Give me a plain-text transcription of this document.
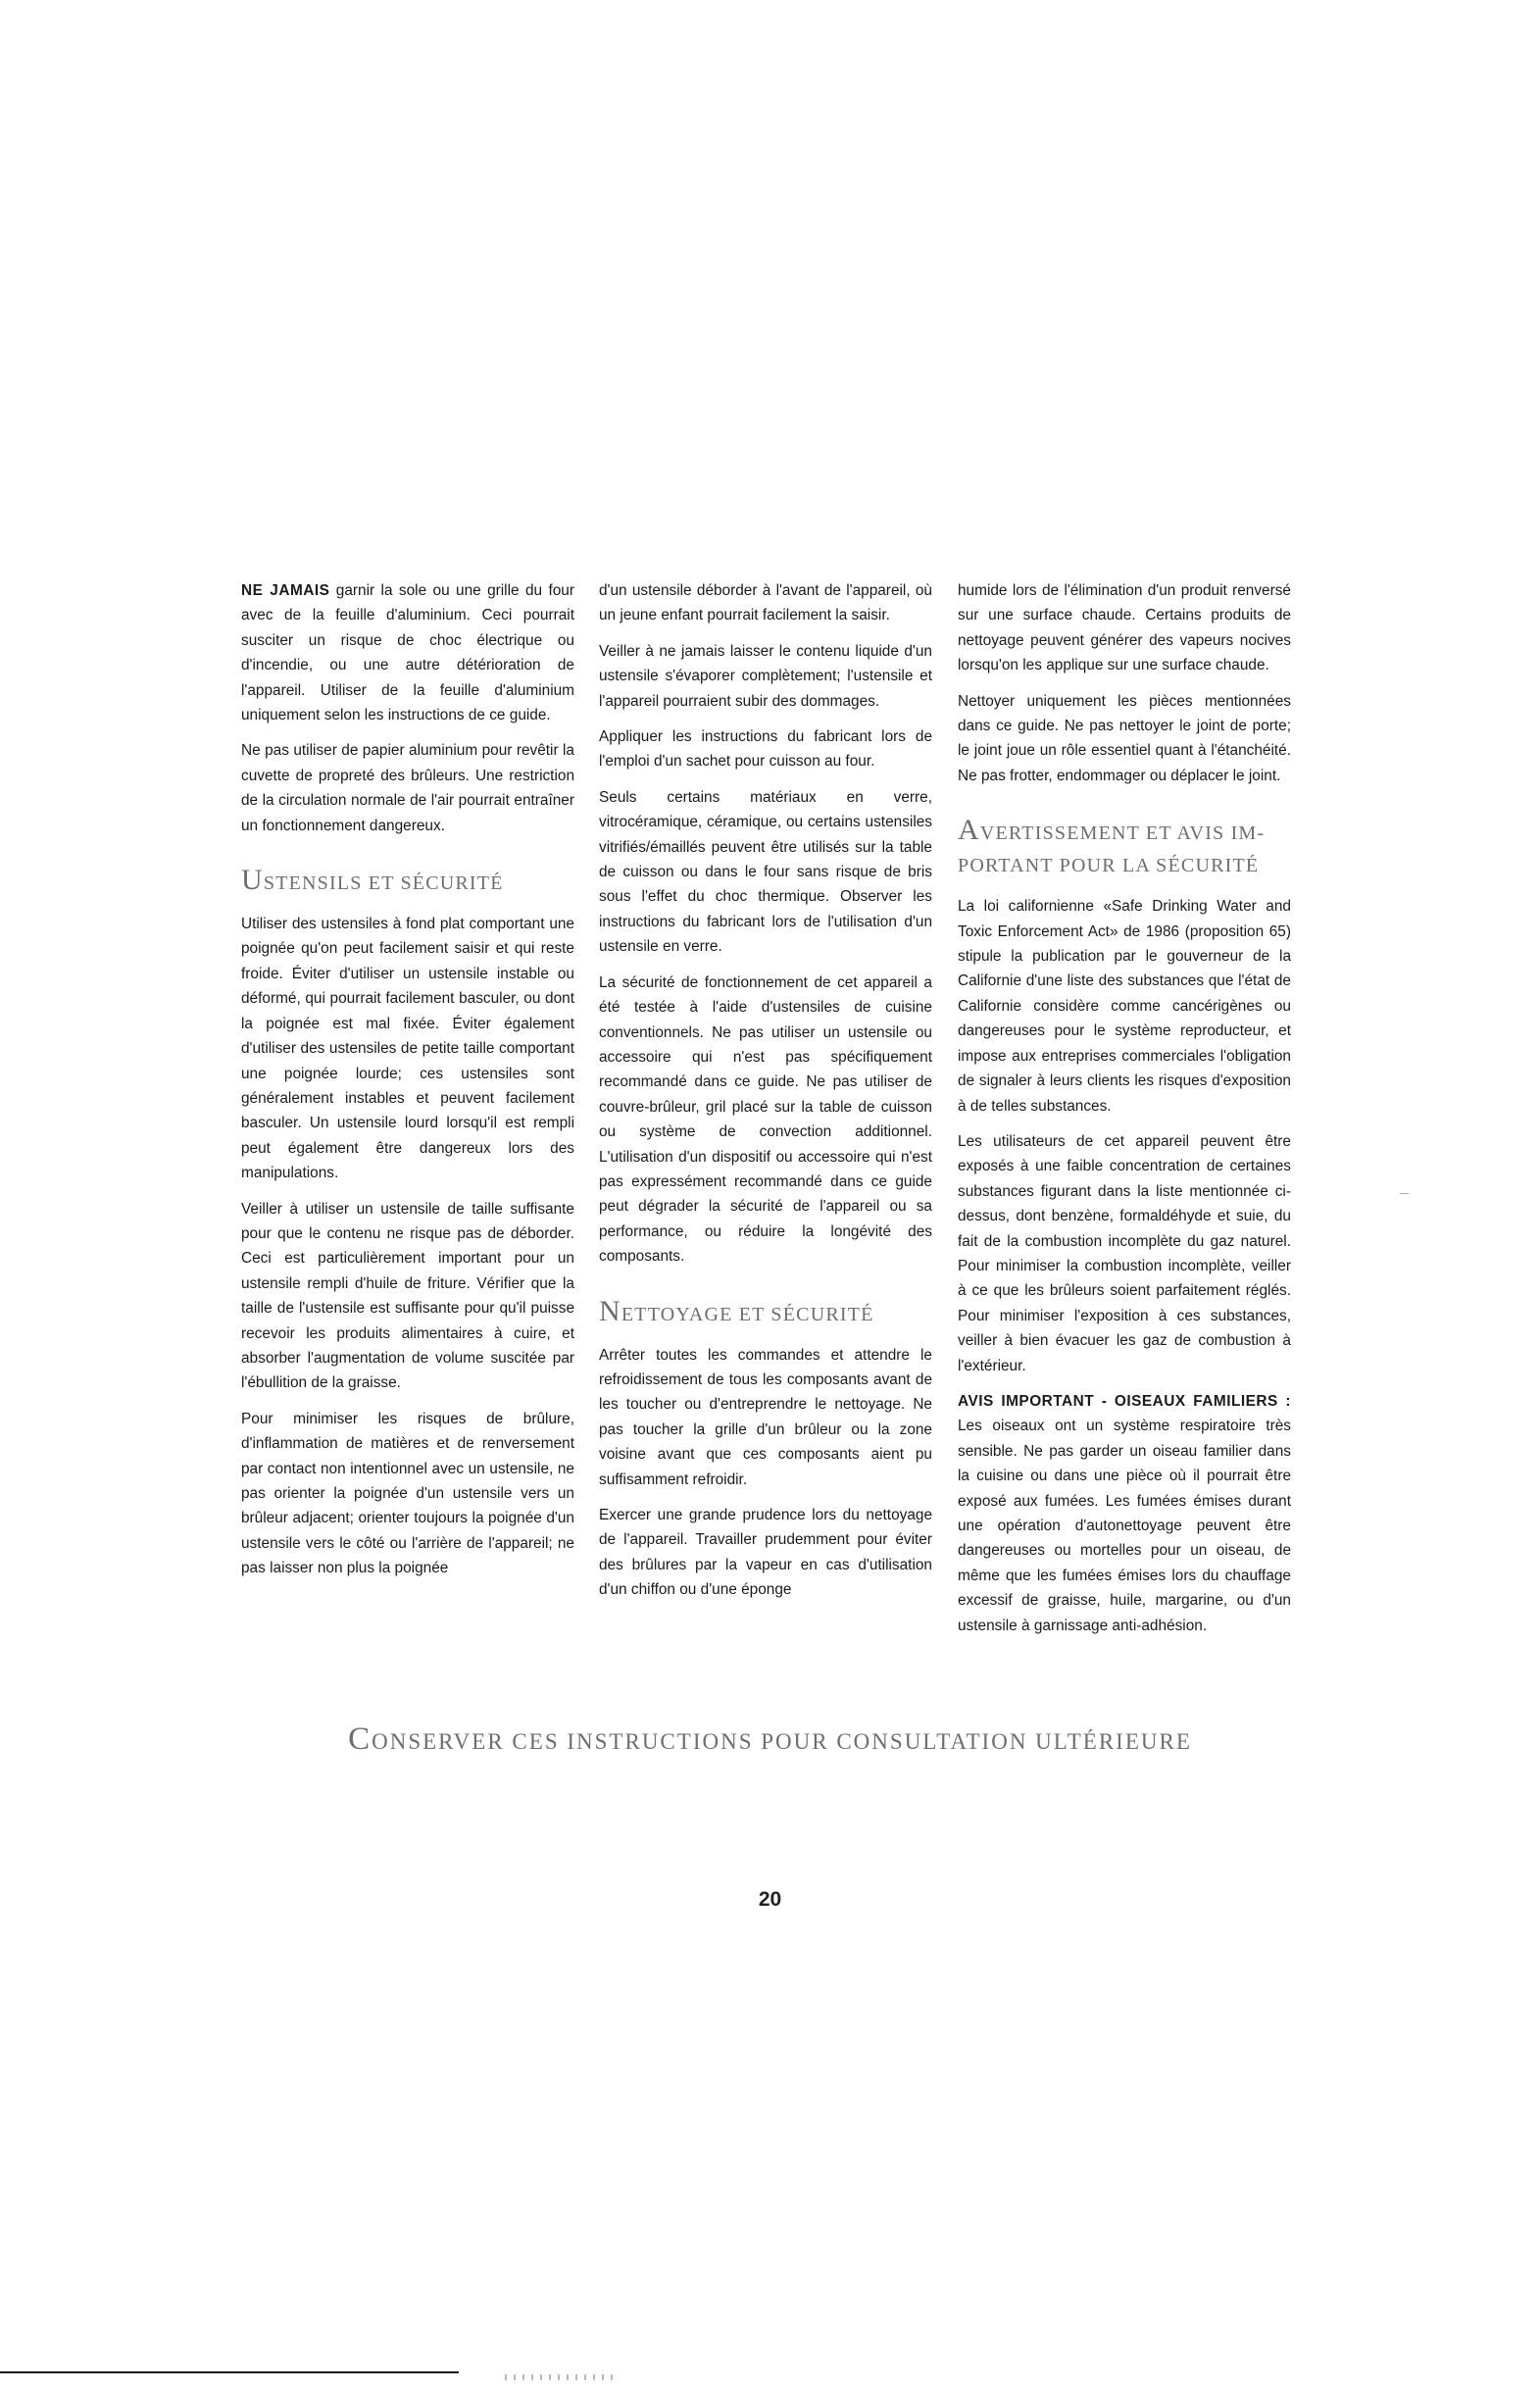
NE JAMAIS garnir la sole ou une grille du four avec de la feuille d'aluminium. Ceci pourrait susciter un risque de choc électrique ou d'incendie, ou une autre détérioration de l'appareil. Utiliser de la feuille d'aluminium uniquement selon les instructions de ce guide.

Ne pas utiliser de papier aluminium pour revêtir la cuvette de propreté des brûleurs. Une restriction de la circulation normale de l'air pourrait entraîner un fonctionnement dangereux.

USTENSILS ET SÉCURITÉ

Utiliser des ustensiles à fond plat comportant une poignée qu'on peut facilement saisir et qui reste froide. Éviter d'utiliser un ustensile instable ou déformé, qui pourrait facilement basculer, ou dont la poignée est mal fixée. Éviter également d'utiliser des ustensiles de petite taille comportant une poignée lourde; ces ustensiles sont généralement instables et peuvent facilement basculer. Un ustensile lourd lorsqu'il est rempli peut également être dangereux lors des manipulations.

Veiller à utiliser un ustensile de taille suffisante pour que le contenu ne risque pas de déborder. Ceci est particulièrement important pour un ustensile rempli d'huile de friture. Vérifier que la taille de l'ustensile est suffisante pour qu'il puisse recevoir les produits alimentaires à cuire, et absorber l'augmentation de volume suscitée par l'ébullition de la graisse.

Pour minimiser les risques de brûlure, d'inflammation de matières et de renversement par contact non intentionnel avec un ustensile, ne pas orienter la poignée d'un ustensile vers un brûleur adjacent; orienter toujours la poignée d'un ustensile vers le côté ou l'arrière de l'appareil; ne pas laisser non plus la poignée

d'un ustensile déborder à l'avant de l'appareil, où un jeune enfant pourrait facilement la saisir.

Veiller à ne jamais laisser le contenu liquide d'un ustensile s'évaporer complètement; l'ustensile et l'appareil pourraient subir des dommages.

Appliquer les instructions du fabricant lors de l'emploi d'un sachet pour cuisson au four.

Seuls certains matériaux en verre, vitrocéramique, céramique, ou certains ustensiles vitrifiés/émaillés peuvent être utilisés sur la table de cuisson ou dans le four sans risque de bris sous l'effet du choc thermique. Observer les instructions du fabricant lors de l'utilisation d'un ustensile en verre.

La sécurité de fonctionnement de cet appareil a été testée à l'aide d'ustensiles de cuisine conventionnels. Ne pas utiliser un ustensile ou accessoire qui n'est pas spécifiquement recommandé dans ce guide. Ne pas utiliser de couvre-brûleur, gril placé sur la table de cuisson ou système de convection additionnel. L'utilisation d'un dispositif ou accessoire qui n'est pas expressément recommandé dans ce guide peut dégrader la sécurité de l'appareil ou sa performance, ou réduire la longévité des composants.

NETTOYAGE ET SÉCURITÉ

Arrêter toutes les commandes et attendre le refroidissement de tous les composants avant de les toucher ou d'entreprendre le nettoyage. Ne pas toucher la grille d'un brûleur ou la zone voisine avant que ces composants aient pu suffisamment refroidir.

Exercer une grande prudence lors du nettoyage de l'appareil. Travailler prudemment pour éviter des brûlures par la vapeur en cas d'utilisation d'un chiffon ou d'une éponge

humide lors de l'élimination d'un produit renversé sur une surface chaude. Certains produits de nettoyage peuvent générer des vapeurs nocives lorsqu'on les applique sur une surface chaude.

Nettoyer uniquement les pièces mentionnées dans ce guide. Ne pas nettoyer le joint de porte; le joint joue un rôle essentiel quant à l'étanchéité. Ne pas frotter, endommager ou déplacer le joint.

AVERTISSEMENT ET AVIS IMPORTANT POUR LA SÉCURITÉ

La loi californienne «Safe Drinking Water and Toxic Enforcement Act» de 1986 (proposition 65) stipule la publication par le gouverneur de la Californie d'une liste des substances que l'état de Californie considère comme cancérigènes ou dangereuses pour le système reproducteur, et impose aux entreprises commerciales l'obligation de signaler à leurs clients les risques d'exposition à de telles substances.

Les utilisateurs de cet appareil peuvent être exposés à une faible concentration de certaines substances figurant dans la liste mentionnée cidessus, dont benzène, formaldéhyde et suie, du fait de la combustion incomplète du gaz naturel. Pour minimiser la combustion incomplète, veiller à ce que les brûleurs soient parfaitement réglés. Pour minimiser l'exposition à ces substances, veiller à bien évacuer les gaz de combustion à l'extérieur.

AVIS IMPORTANT - OISEAUX FAMILIERS : Les oiseaux ont un système respiratoire très sensible. Ne pas garder un oiseau familier dans la cuisine ou dans une pièce où il pourrait être exposé aux fumées. Les fumées émises durant une opération d'autonettoyage peuvent être dangereuses ou mortelles pour un oiseau, de même que les fumées émises lors du chauffage excessif de graisse, huile, margarine, ou d'un ustensile à garnissage anti-adhésion.

CONSERVER CES INSTRUCTIONS POUR CONSULTATION ULTÉRIEURE
20
